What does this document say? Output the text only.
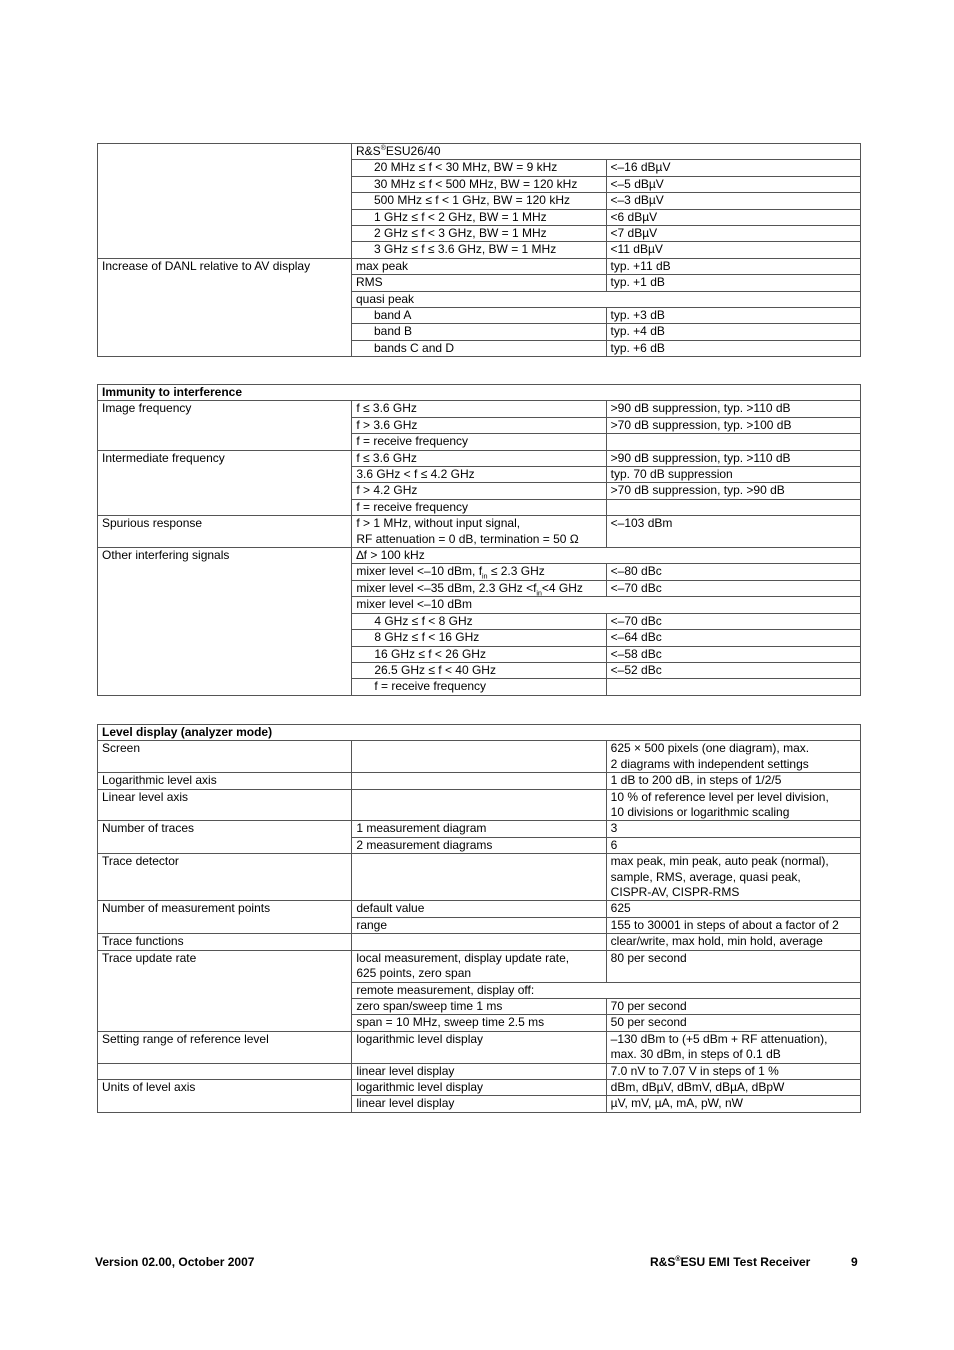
	R&S®ESU26/40	
	20 MHz ≤ f < 30 MHz, BW = 9 kHz	<–16 dBµV
	30 MHz ≤ f < 500 MHz, BW = 120 kHz	<–5 dBµV
	500 MHz ≤ f < 1 GHz, BW = 120 kHz	<–3 dBµV
	1 GHz ≤ f < 2 GHz, BW = 1 MHz	<6 dBµV
	2 GHz ≤ f < 3 GHz, BW = 1 MHz	<7 dBµV
	3 GHz ≤ f ≤ 3.6 GHz, BW = 1 MHz	<11 dBµV
Increase of DANL relative to AV display	max peak	typ. +11 dB
	RMS	typ. +1 dB
	quasi peak	
	band A	typ. +3 dB
	band B	typ. +4 dB
	bands C and D	typ. +6 dB
Immunity to interference		
Image frequency	f ≤ 3.6 GHz	>90 dB suppression, typ. >110 dB
	f > 3.6 GHz	>70 dB suppression, typ. >100 dB
	f = receive frequency	
Intermediate frequency	f ≤ 3.6 GHz	>90 dB suppression, typ. >110 dB
	3.6 GHz < f ≤ 4.2 GHz	typ. 70 dB suppression
	f > 4.2 GHz	>70 dB suppression, typ. >90 dB
	f = receive frequency	
Spurious response	f > 1 MHz, without input signal,
RF attenuation = 0 dB, termination = 50 Ω	<–103 dBm
Other interfering signals	∆f > 100 kHz	
	mixer level <–10 dBm, $f_{in} \le 2.3$ GHz	<–80 dBc
	mixer level <–35 dBm, 2.3 GHz $<f_{in}<4$ GHz	<–70 dBc
	mixer level <–10 dBm	
	4 GHz ≤ f < 8 GHz	<–70 dBc
	8 GHz ≤ f < 16 GHz	<–64 dBc
	16 GHz ≤ f < 26 GHz	<–58 dBc
	26.5 GHz ≤ f < 40 GHz	<–52 dBc
	f = receive frequency	
Level display (analyzer mode)		
Screen		625 × 500 pixels (one diagram), max.
2 diagrams with independent settings
Logarithmic level axis		1 dB to 200 dB, in steps of 1/2/5
Linear level axis		10 % of reference level per level division,
10 divisions or logarithmic scaling
Number of traces	1 measurement diagram	3
	2 measurement diagrams	6
Trace detector		max peak, min peak, auto peak (normal),
sample, RMS, average, quasi peak,
CISPR-AV, CISPR-RMS
Number of measurement points	default value	625
	range	155 to 30001 in steps of about a factor of 2
Trace functions		clear/write, max hold, min hold, average
Trace update rate	local measurement, display update rate,
625 points, zero span	80 per second
	remote measurement, display off:	
	zero span/sweep time 1 ms	70 per second
	span = 10 MHz, sweep time 2.5 ms	50 per second
Setting range of reference level	logarithmic level display	–130 dBm to (+5 dBm + RF attenuation),
max. 30 dBm, in steps of 0.1 dB
	linear level display	7.0 nV to 7.07 V in steps of 1 %
Units of level axis	logarithmic level display	dBm, dBµV, dBmV, dBµA, dBpW
	linear level display	µV, mV, µA, mA, pW, nW
Version 02.00, October 2007	R&S®ESU EMI Test Receiver	9
